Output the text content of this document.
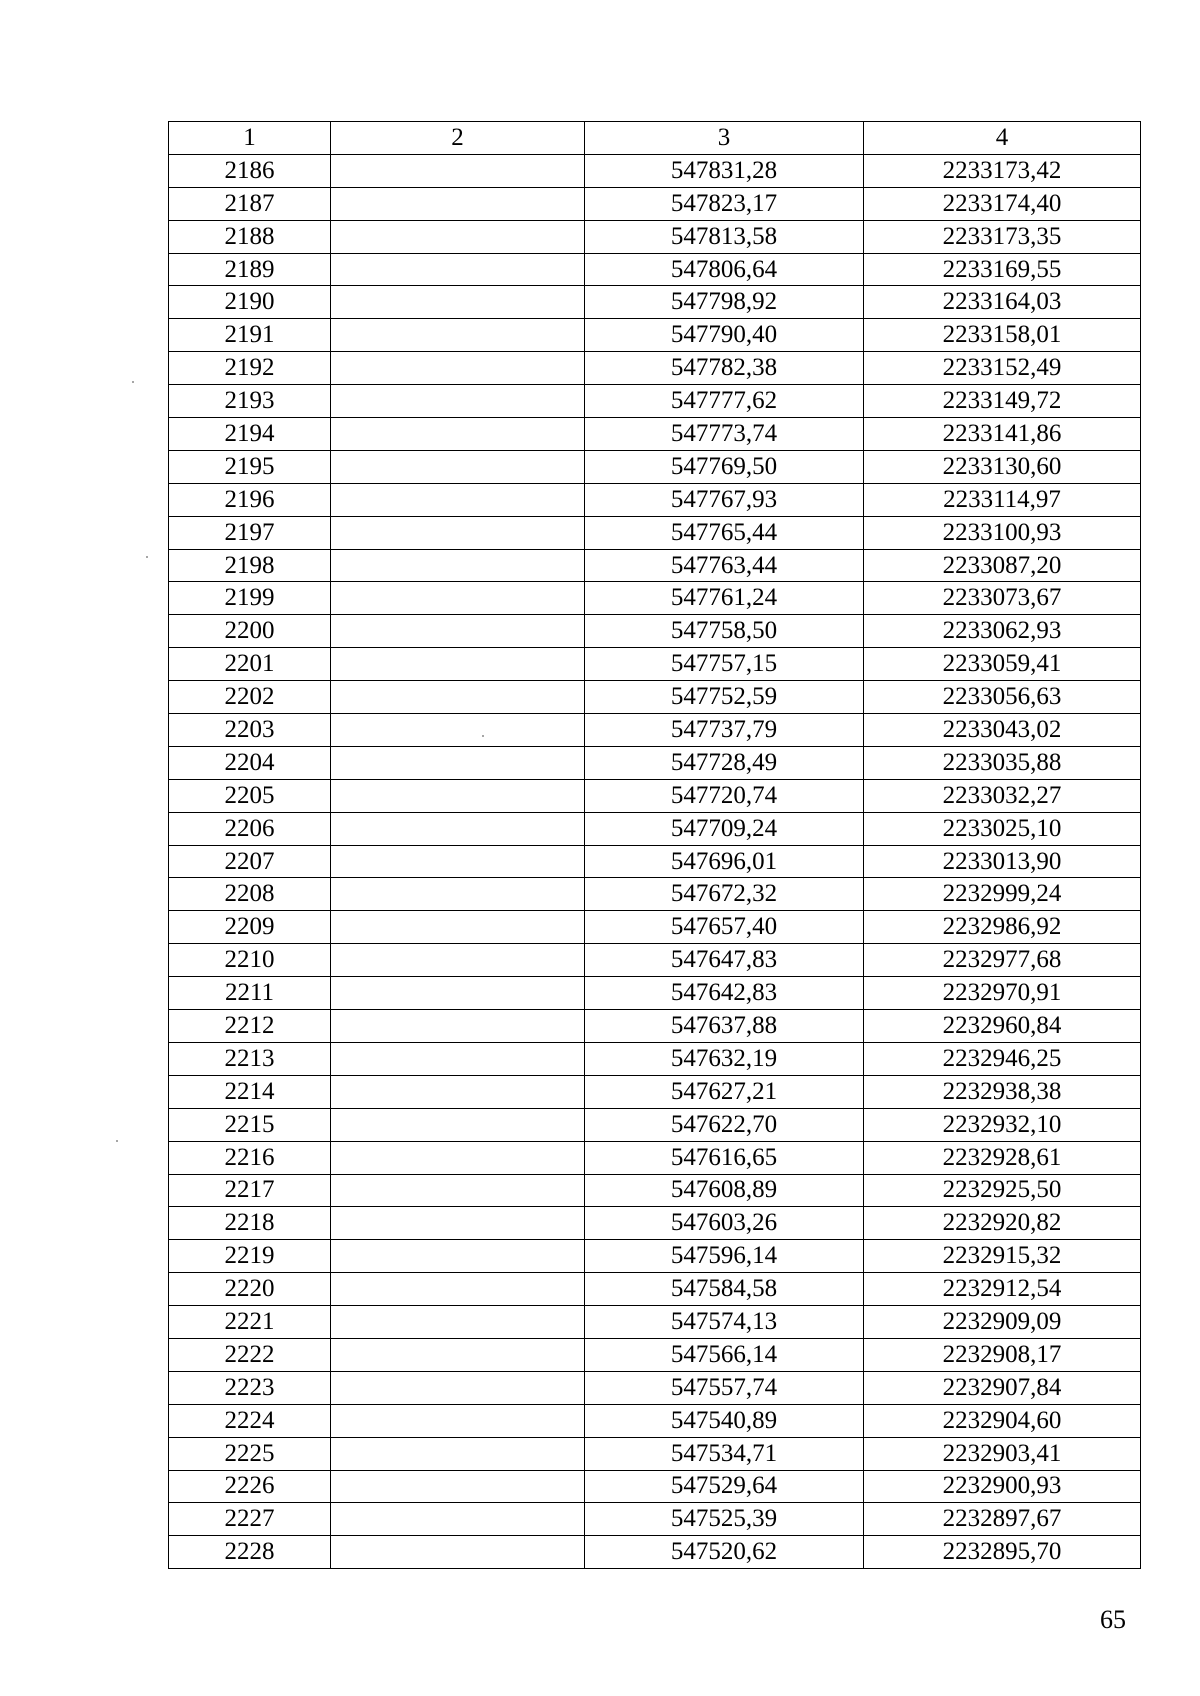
1	2	3	4
2186		547831,28	2233173,42
2187		547823,17	2233174,40
2188		547813,58	2233173,35
2189		547806,64	2233169,55
2190		547798,92	2233164,03
2191		547790,40	2233158,01
2192		547782,38	2233152,49
2193		547777,62	2233149,72
2194		547773,74	2233141,86
2195		547769,50	2233130,60
2196		547767,93	2233114,97
2197		547765,44	2233100,93
2198		547763,44	2233087,20
2199		547761,24	2233073,67
2200		547758,50	2233062,93
2201		547757,15	2233059,41
2202		547752,59	2233056,63
2203		547737,79	2233043,02
2204		547728,49	2233035,88
2205		547720,74	2233032,27
2206		547709,24	2233025,10
2207		547696,01	2233013,90
2208		547672,32	2232999,24
2209		547657,40	2232986,92
2210		547647,83	2232977,68
2211		547642,83	2232970,91
2212		547637,88	2232960,84
2213		547632,19	2232946,25
2214		547627,21	2232938,38
2215		547622,70	2232932,10
2216		547616,65	2232928,61
2217		547608,89	2232925,50
2218		547603,26	2232920,82
2219		547596,14	2232915,32
2220		547584,58	2232912,54
2221		547574,13	2232909,09
2222		547566,14	2232908,17
2223		547557,74	2232907,84
2224		547540,89	2232904,60
2225		547534,71	2232903,41
2226		547529,64	2232900,93
2227		547525,39	2232897,67
2228		547520,62	2232895,70
65
